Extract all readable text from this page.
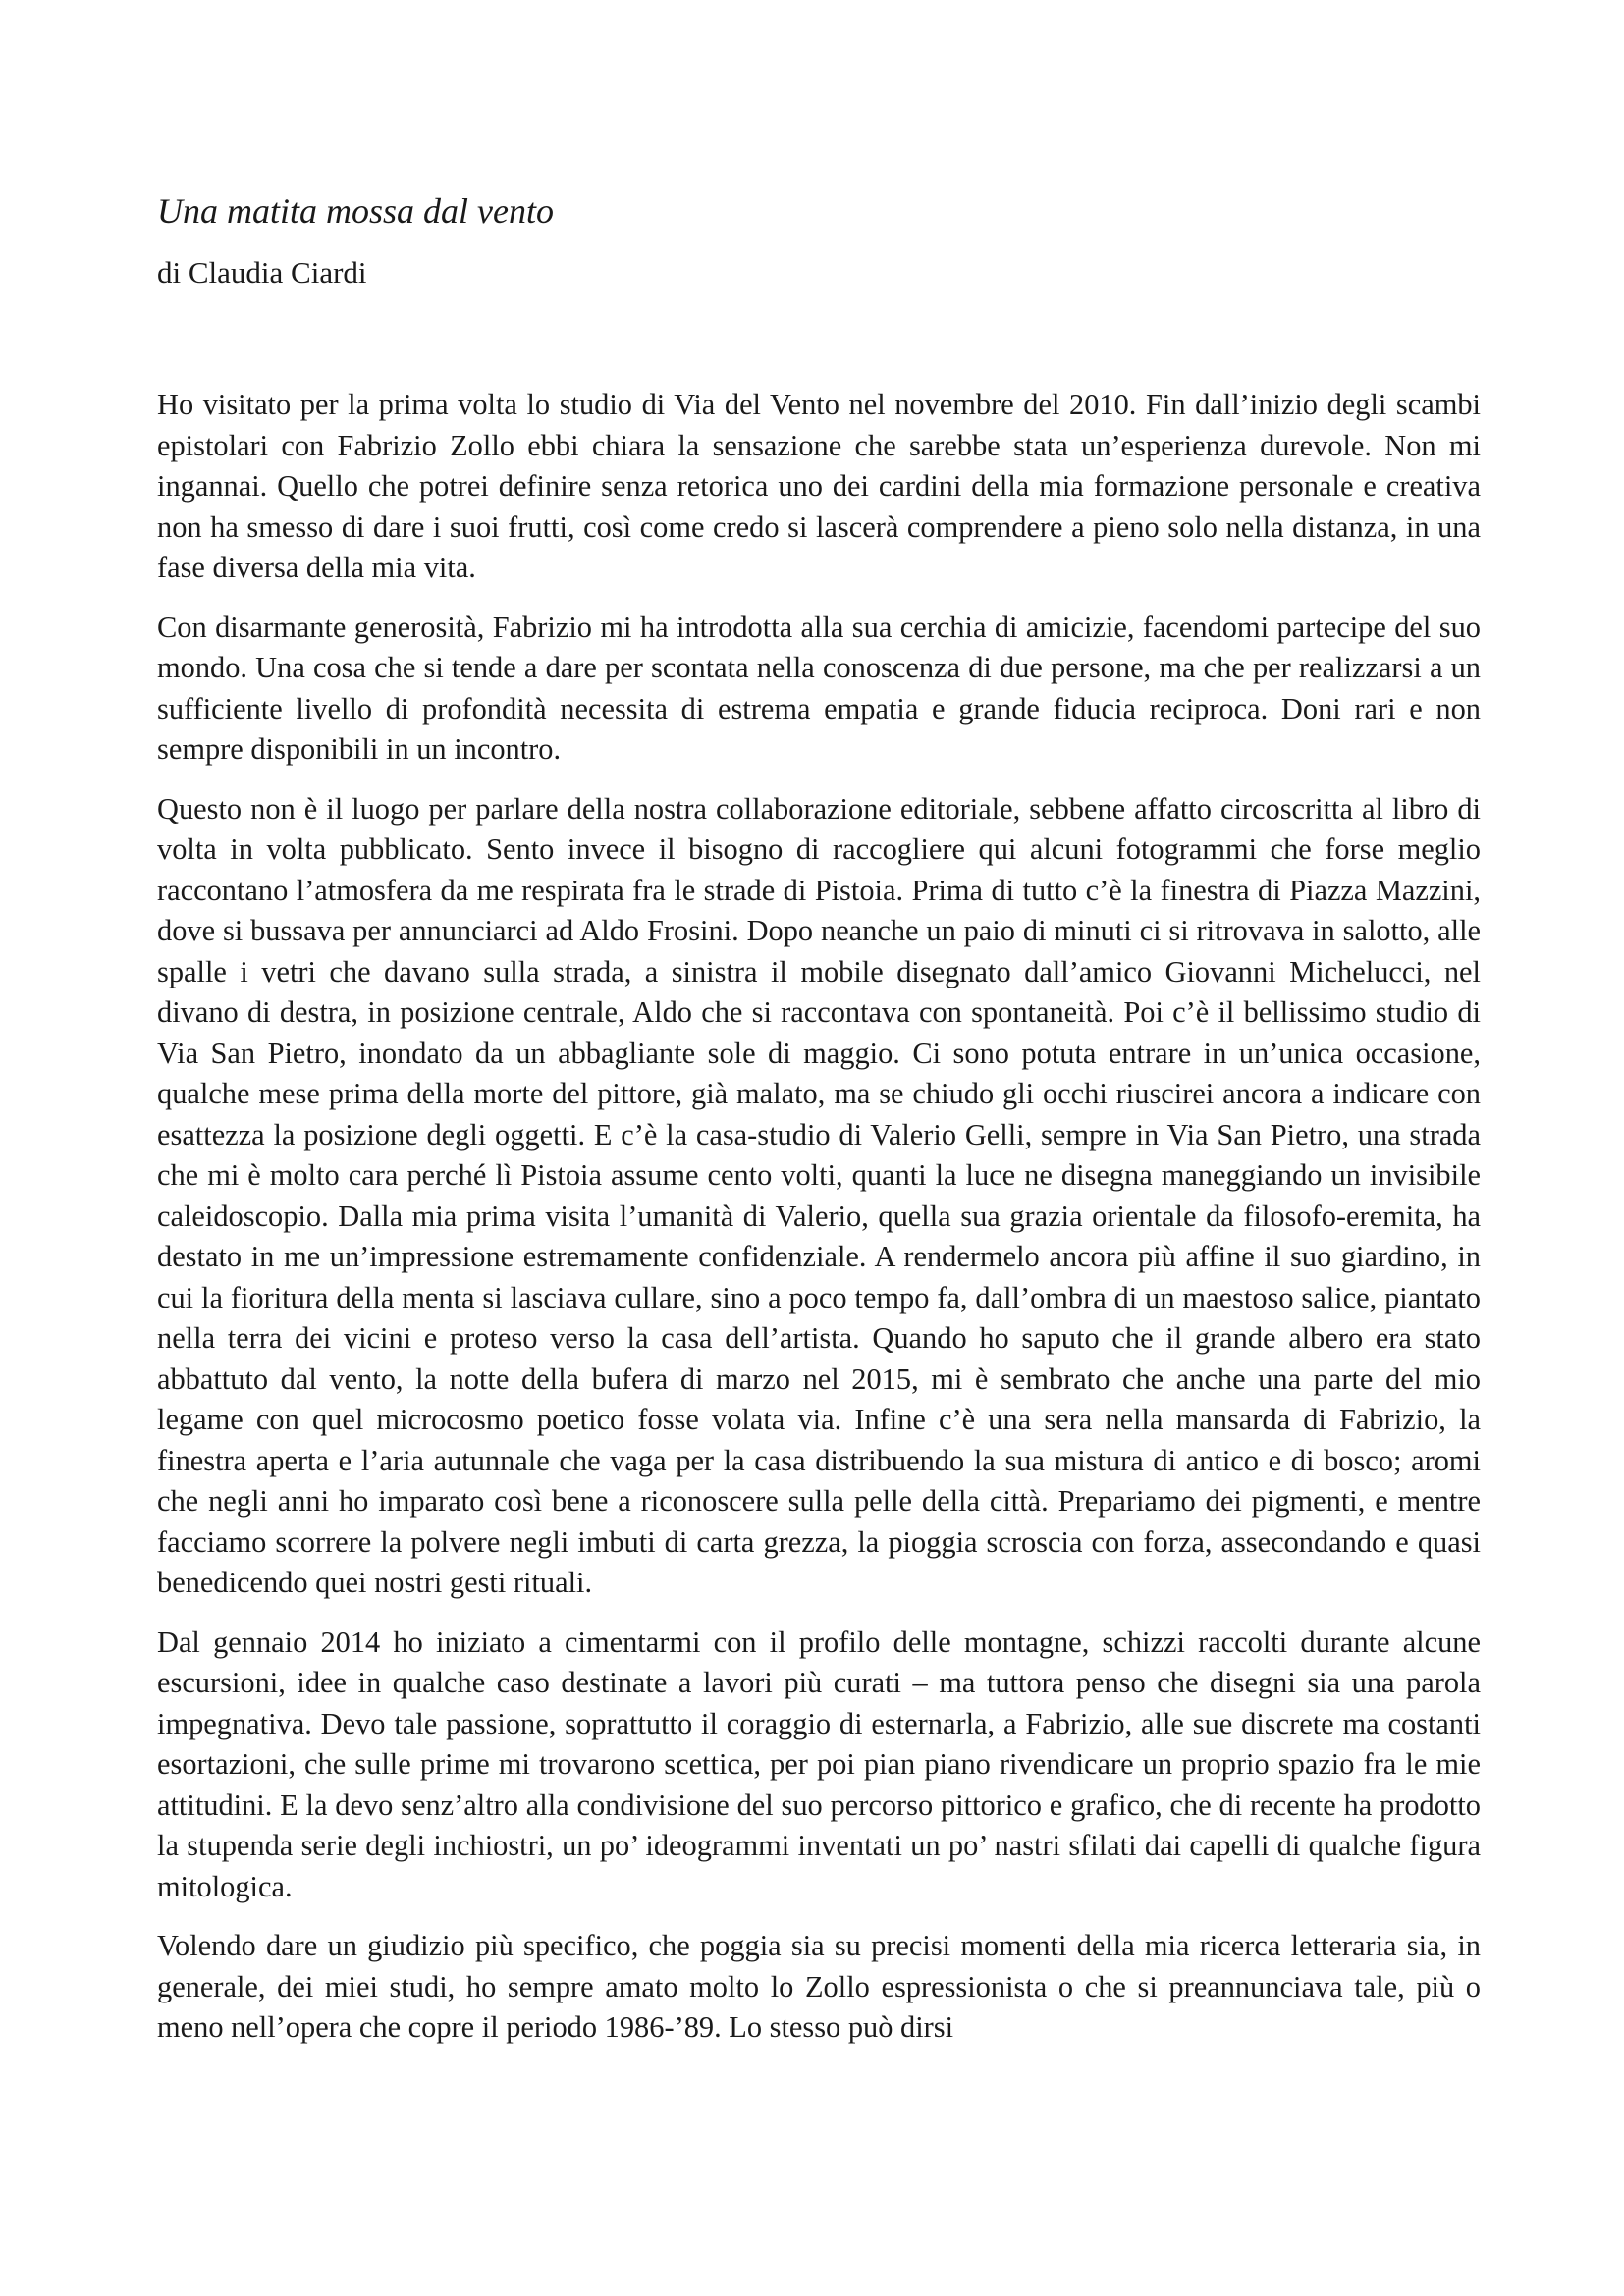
Una matita mossa dal vento

di Claudia Ciardi

Ho visitato per la prima volta lo studio di Via del Vento nel novembre del 2010. Fin dall’inizio degli scambi epistolari con Fabrizio Zollo ebbi chiara la sensazione che sarebbe stata un’esperienza durevole. Non mi ingannai. Quello che potrei definire senza retorica uno dei cardini della mia formazione personale e creativa non ha smesso di dare i suoi frutti, così come credo si lascerà comprendere a pieno solo nella distanza, in una fase diversa della mia vita.

Con disarmante generosità, Fabrizio mi ha introdotta alla sua cerchia di amicizie, facendomi partecipe del suo mondo. Una cosa che si tende a dare per scontata nella conoscenza di due persone, ma che per realizzarsi a un sufficiente livello di profondità necessita di estrema empatia e grande fiducia reciproca. Doni rari e non sempre disponibili in un incontro.

Questo non è il luogo per parlare della nostra collaborazione editoriale, sebbene affatto circoscritta al libro di volta in volta pubblicato. Sento invece il bisogno di raccogliere qui alcuni fotogrammi che forse meglio raccontano l’atmosfera da me respirata fra le strade di Pistoia. Prima di tutto c’è la finestra di Piazza Mazzini, dove si bussava per annunciarci ad Aldo Frosini. Dopo neanche un paio di minuti ci si ritrovava in salotto, alle spalle i vetri che davano sulla strada, a sinistra il mobile disegnato dall’amico Giovanni Michelucci, nel divano di destra, in posizione centrale, Aldo che si raccontava con spontaneità. Poi c’è il bellissimo studio di Via San Pietro, inondato da un abbagliante sole di maggio. Ci sono potuta entrare in un’unica occasione, qualche mese prima della morte del pittore, già malato, ma se chiudo gli occhi riuscirei ancora a indicare con esattezza la posizione degli oggetti. E c’è la casa-studio di Valerio Gelli, sempre in Via San Pietro, una strada che mi è molto cara perché lì Pistoia assume cento volti, quanti la luce ne disegna maneggiando un invisibile caleidoscopio. Dalla mia prima visita l’umanità di Valerio, quella sua grazia orientale da filosofo-eremita, ha destato in me un’impressione estremamente confidenziale. A rendermelo ancora più affine il suo giardino, in cui la fioritura della menta si lasciava cullare, sino a poco tempo fa, dall’ombra di un maestoso salice, piantato nella terra dei vicini e proteso verso la casa dell’artista. Quando ho saputo che il grande albero era stato abbattuto dal vento, la notte della bufera di marzo nel 2015, mi è sembrato che anche una parte del mio legame con quel microcosmo poetico fosse volata via. Infine c’è una sera nella mansarda di Fabrizio, la finestra aperta e l’aria autunnale che vaga per la casa distribuendo la sua mistura di antico e di bosco; aromi che negli anni ho imparato così bene a riconoscere sulla pelle della città. Prepariamo dei pigmenti, e mentre facciamo scorrere la polvere negli imbuti di carta grezza, la pioggia scroscia con forza, assecondando e quasi benedicendo quei nostri gesti rituali.

Dal gennaio 2014 ho iniziato a cimentarmi con il profilo delle montagne, schizzi raccolti durante alcune escursioni, idee in qualche caso destinate a lavori più curati – ma tuttora penso che disegni sia una parola impegnativa. Devo tale passione, soprattutto il coraggio di esternarla, a Fabrizio, alle sue discrete ma costanti esortazioni, che sulle prime mi trovarono scettica, per poi pian piano rivendicare un proprio spazio fra le mie attitudini. E la devo senz’altro alla condivisione del suo percorso pittorico e grafico, che di recente ha prodotto la stupenda serie degli inchiostri, un po’ ideogrammi inventati un po’ nastri sfilati dai capelli di qualche figura mitologica.

Volendo dare un giudizio più specifico, che poggia sia su precisi momenti della mia ricerca letteraria sia, in generale, dei miei studi, ho sempre amato molto lo Zollo espressionista o che si preannunciava tale, più o meno nell’opera che copre il periodo 1986-’89. Lo stesso può dirsi
